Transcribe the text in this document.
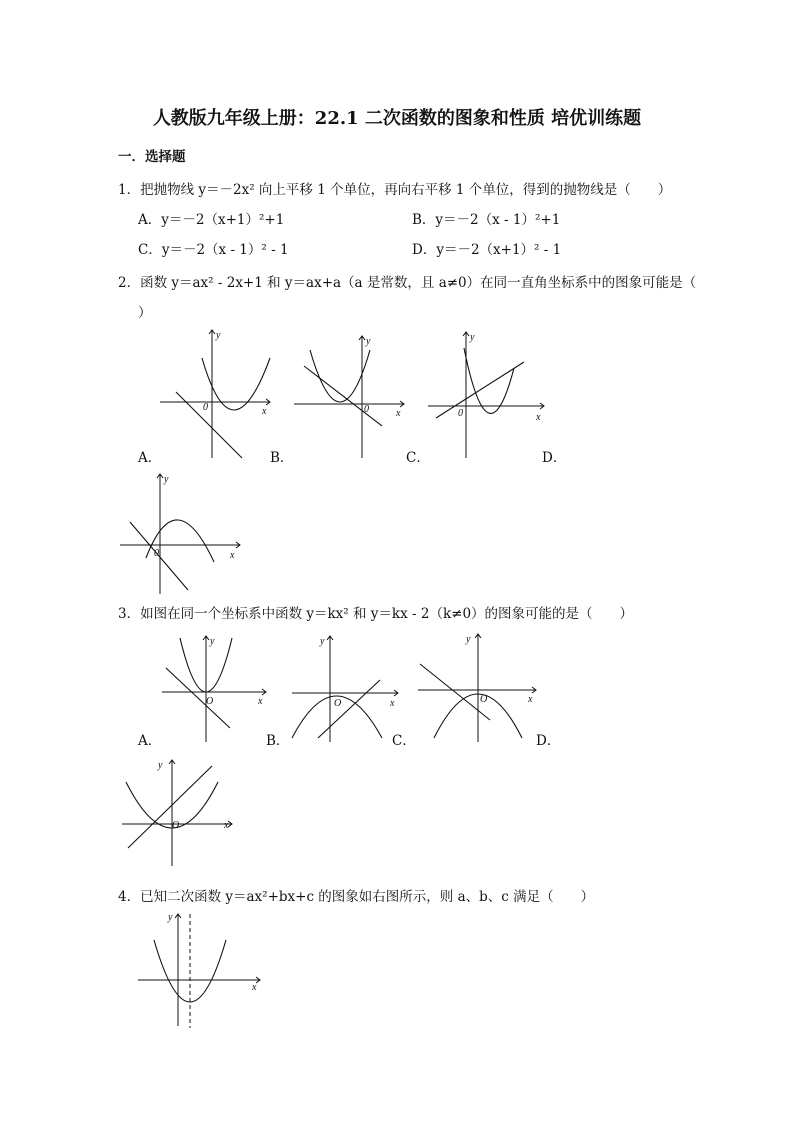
人教版九年级上册：22.1 二次函数的图象和性质 培优训练题
一．选择题
1．把抛物线 y＝－2x² 向上平移 1 个单位，再向右平移 1 个单位，得到的抛物线是（　　）
A．y＝－2（x+1）²+1	B．y＝－2（x - 1）²+1
C．y＝－2（x - 1）² - 1	D．y＝－2（x+1）² - 1
2．函数 y＝ax² - 2x+1 和 y＝ax+a（a 是常数，且 a≠0）在同一直角坐标系中的图象可能是（
）
y
x
0
A．
y
x
0
B．
y
x
0
C．	D．
y
x
0
3．如图在同一个坐标系中函数 y＝kx² 和 y＝kx - 2（k≠0）的图象可能的是（　　）
y
x
O
A．
y
x
O
B．
y
x
O
C．	D．
y
x
O
4．已知二次函数 y＝ax²+bx+c 的图象如右图所示，则 a、b、c 满足（　　）
y
x
